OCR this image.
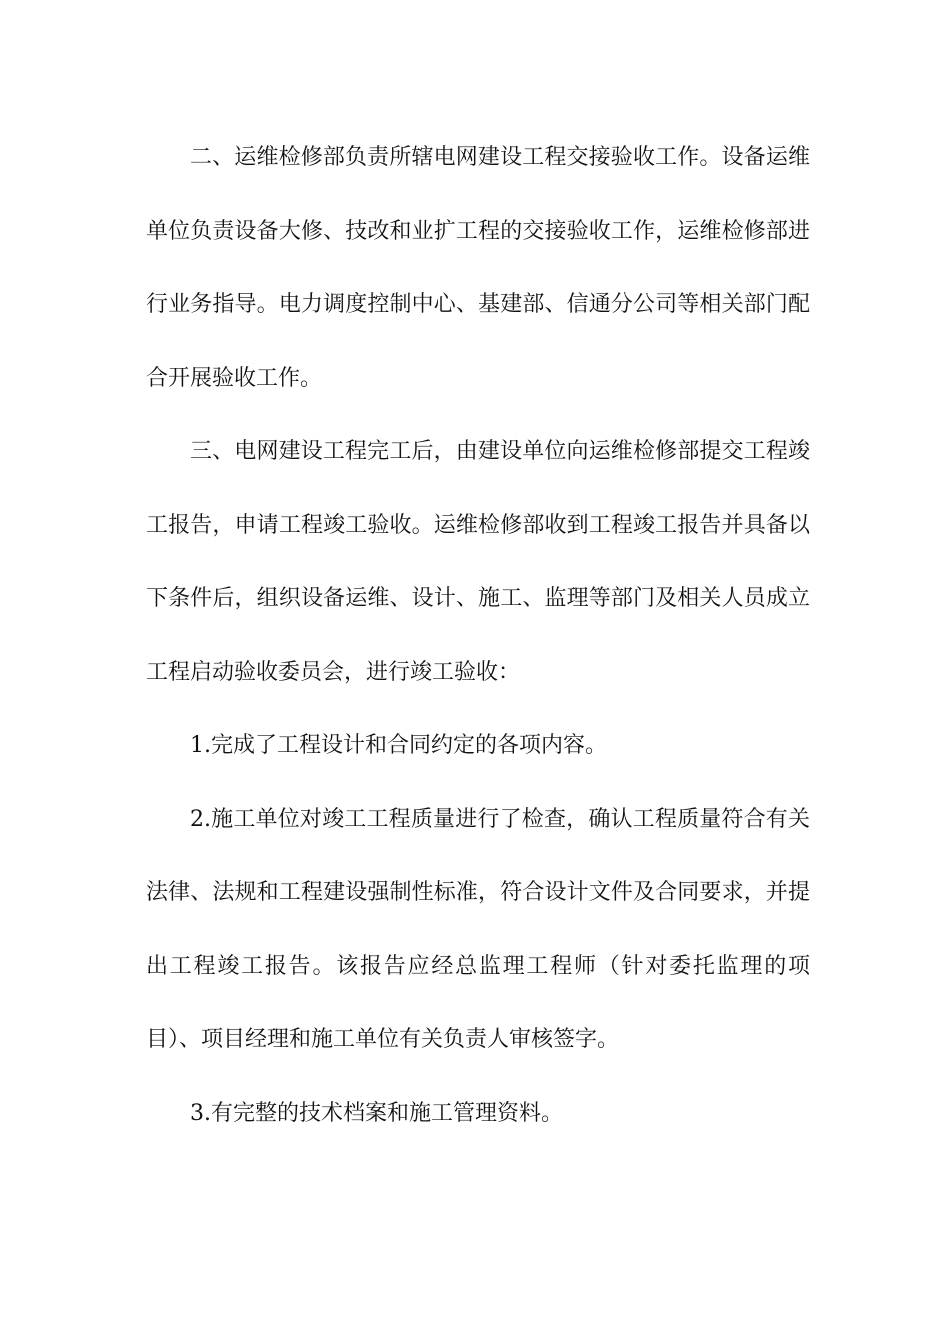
二、运维检修部负责所辖电网建设工程交接验收工作。设备运维单位负责设备大修、技改和业扩工程的交接验收工作，运维检修部进行业务指导。电力调度控制中心、基建部、信通分公司等相关部门配合开展验收工作。

三、电网建设工程完工后，由建设单位向运维检修部提交工程竣工报告，申请工程竣工验收。运维检修部收到工程竣工报告并具备以下条件后，组织设备运维、设计、施工、监理等部门及相关人员成立工程启动验收委员会，进行竣工验收：

1.完成了工程设计和合同约定的各项内容。

2.施工单位对竣工工程质量进行了检查，确认工程质量符合有关法律、法规和工程建设强制性标准，符合设计文件及合同要求，并提出工程竣工报告。该报告应经总监理工程师（针对委托监理的项目）、项目经理和施工单位有关负责人审核签字。

3.有完整的技术档案和施工管理资料。
